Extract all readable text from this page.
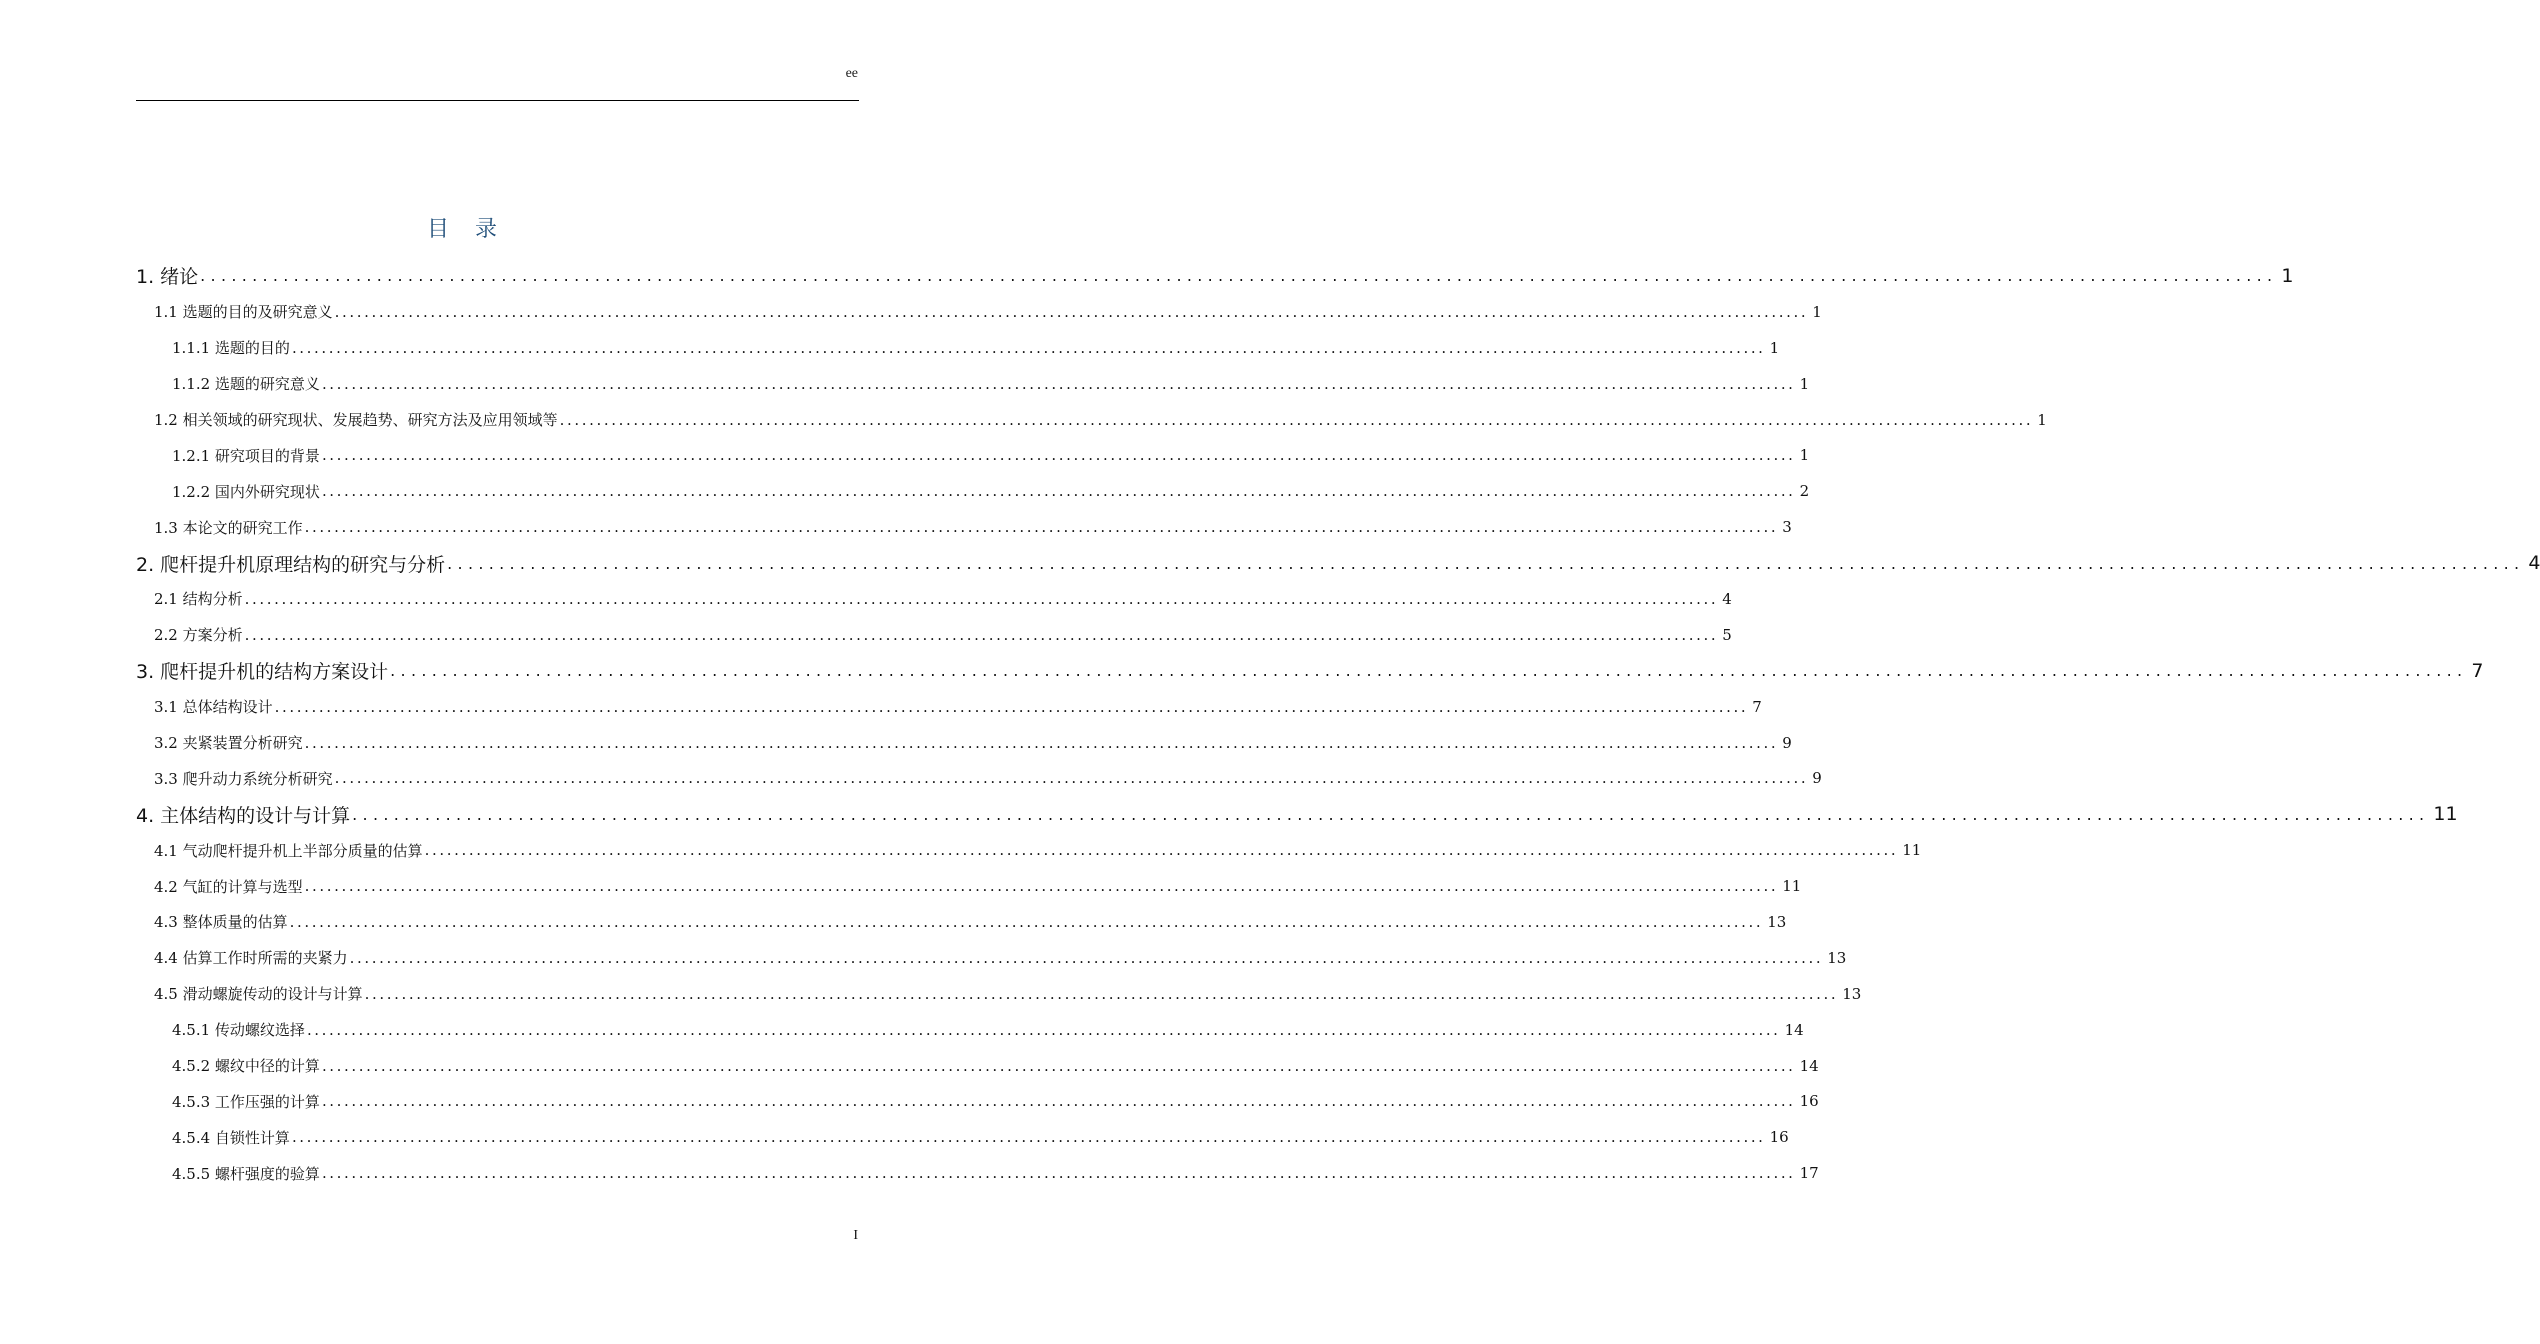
ee
目录
1. 绪论 ........................................................................................................................................................................................................ 1
1.1 选题的目的及研究意义 ........................................................................................................................................................................................................ 1
1.1.1 选题的目的 ........................................................................................................................................................................................................ 1
1.1.2 选题的研究意义 ........................................................................................................................................................................................................ 1
1.2 相关领域的研究现状、发展趋势、研究方法及应用领域等 ........................................................................................................................................................................................................ 1
1.2.1 研究项目的背景 ........................................................................................................................................................................................................ 1
1.2.2 国内外研究现状 ........................................................................................................................................................................................................ 2
1.3 本论文的研究工作 ........................................................................................................................................................................................................ 3
2. 爬杆提升机原理结构的研究与分析 ........................................................................................................................................................................................................ 4
2.1 结构分析 ........................................................................................................................................................................................................ 4
2.2 方案分析 ........................................................................................................................................................................................................ 5
3. 爬杆提升机的结构方案设计 ........................................................................................................................................................................................................ 7
3.1 总体结构设计 ........................................................................................................................................................................................................ 7
3.2 夹紧装置分析研究 ........................................................................................................................................................................................................ 9
3.3 爬升动力系统分析研究 ........................................................................................................................................................................................................ 9
4. 主体结构的设计与计算 ........................................................................................................................................................................................................ 11
4.1 气动爬杆提升机上半部分质量的估算 ........................................................................................................................................................................................................ 11
4.2 气缸的计算与选型 ........................................................................................................................................................................................................ 11
4.3 整体质量的估算 ........................................................................................................................................................................................................ 13
4.4 估算工作时所需的夹紧力 ........................................................................................................................................................................................................ 13
4.5 滑动螺旋传动的设计与计算 ........................................................................................................................................................................................................ 13
4.5.1 传动螺纹选择 ........................................................................................................................................................................................................ 14
4.5.2 螺纹中径的计算 ........................................................................................................................................................................................................ 14
4.5.3 工作压强的计算 ........................................................................................................................................................................................................ 16
4.5.4 自锁性计算 ........................................................................................................................................................................................................ 16
4.5.5 螺杆强度的验算 ........................................................................................................................................................................................................ 17
I
